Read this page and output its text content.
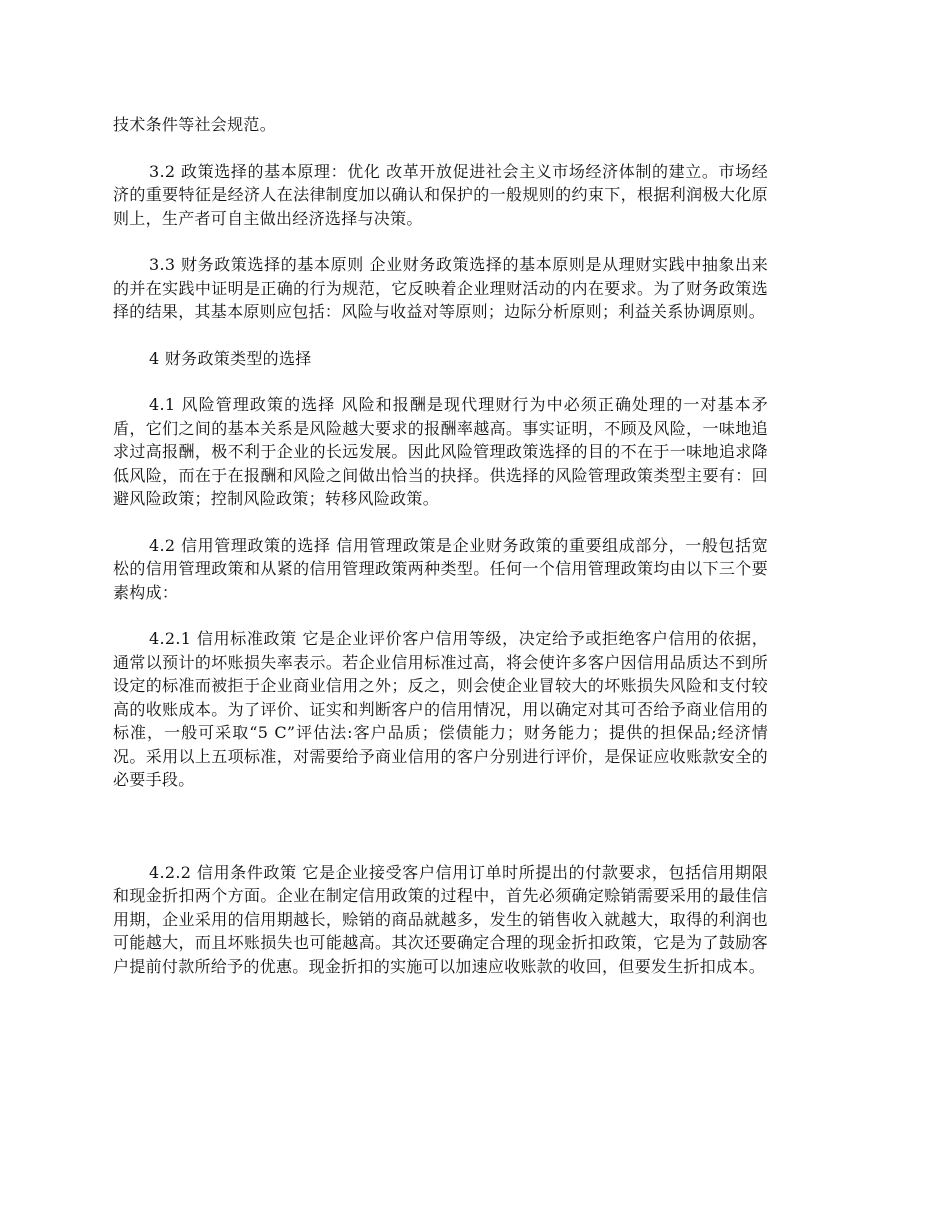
技术条件等社会规范。

3.2 政策选择的基本原理：优化 改革开放促进社会主义市场经济体制的建立。市场经济的重要特征是经济人在法律制度加以确认和保护的一般规则的约束下，根据利润极大化原则上，生产者可自主做出经济选择与决策。

3.3 财务政策选择的基本原则 企业财务政策选择的基本原则是从理财实践中抽象出来的并在实践中证明是正确的行为规范，它反映着企业理财活动的内在要求。为了财务政策选择的结果，其基本原则应包括：风险与收益对等原则；边际分析原则；利益关系协调原则。

4 财务政策类型的选择

4.1 风险管理政策的选择 风险和报酬是现代理财行为中必须正确处理的一对基本矛盾，它们之间的基本关系是风险越大要求的报酬率越高。事实证明，不顾及风险，一味地追求过高报酬，极不利于企业的长远发展。因此风险管理政策选择的目的不在于一味地追求降低风险，而在于在报酬和风险之间做出恰当的抉择。供选择的风险管理政策类型主要有：回避风险政策；控制风险政策；转移风险政策。

4.2 信用管理政策的选择 信用管理政策是企业财务政策的重要组成部分，一般包括宽松的信用管理政策和从紧的信用管理政策两种类型。任何一个信用管理政策均由以下三个要素构成：

4.2.1 信用标准政策 它是企业评价客户信用等级，决定给予或拒绝客户信用的依据，通常以预计的坏账损失率表示。若企业信用标准过高，将会使许多客户因信用品质达不到所设定的标准而被拒于企业商业信用之外；反之，则会使企业冒较大的坏账损失风险和支付较高的收账成本。为了评价、证实和判断客户的信用情况，用以确定对其可否给予商业信用的标准，一般可采取“5 C”评估法:客户品质；偿债能力；财务能力；提供的担保品;经济情况。采用以上五项标准，对需要给予商业信用的客户分别进行评价，是保证应收账款安全的必要手段。

4.2.2 信用条件政策 它是企业接受客户信用订单时所提出的付款要求，包括信用期限和现金折扣两个方面。企业在制定信用政策的过程中，首先必须确定赊销需要采用的最佳信用期，企业采用的信用期越长，赊销的商品就越多，发生的销售收入就越大，取得的利润也可能越大，而且坏账损失也可能越高。其次还要确定合理的现金折扣政策，它是为了鼓励客户提前付款所给予的优惠。现金折扣的实施可以加速应收账款的收回，但要发生折扣成本。
